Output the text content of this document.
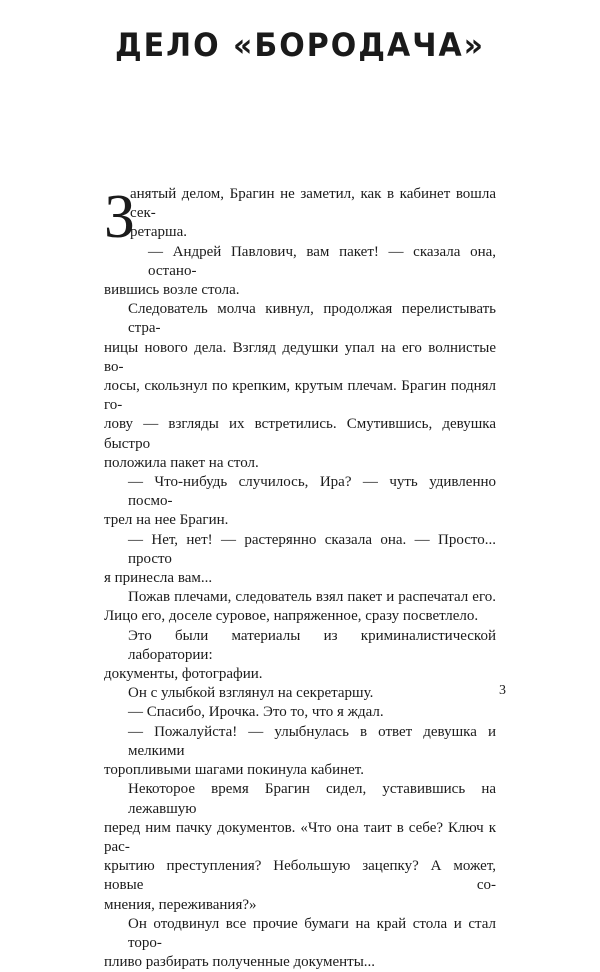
ДЕЛО «БОРОДАЧА»
З
анятый делом, Брагин не заметил, как в кабинет вошла сек-
ретарша.
— Андрей Павлович, вам пакет! — сказала она, остано-
вившись возле стола.
Следователь молча кивнул, продолжая перелистывать стра-
ницы нового дела. Взгляд дедушки упал на его волнистые во-
лосы, скользнул по крепким, крутым плечам. Брагин поднял го-
лову — взгляды их встретились. Смутившись, девушка быстро
положила пакет на стол.
— Что-нибудь случилось, Ира? — чуть удивленно посмо-
трел на нее Брагин.
— Нет, нет! — растерянно сказала она. — Просто... просто
я принесла вам...
Пожав плечами, следователь взял пакет и распечатал его.
Лицо его, доселе суровое, напряженное, сразу посветлело.
Это были материалы из криминалистической лаборатории:
документы, фотографии.
Он с улыбкой взглянул на секретаршу.
— Спасибо, Ирочка. Это то, что я ждал.
— Пожалуйста! — улыбнулась в ответ девушка и мелкими
торопливыми шагами покинула кабинет.
Некоторое время Брагин сидел, уставившись на лежавшую
перед ним пачку документов. «Что она таит в себе? Ключ к рас-
крытию преступления? Небольшую зацепку? А может, новые со-
мнения, переживания?»
Он отодвинул все прочие бумаги на край стола и стал торо-
пливо разбирать полученные документы...
3
